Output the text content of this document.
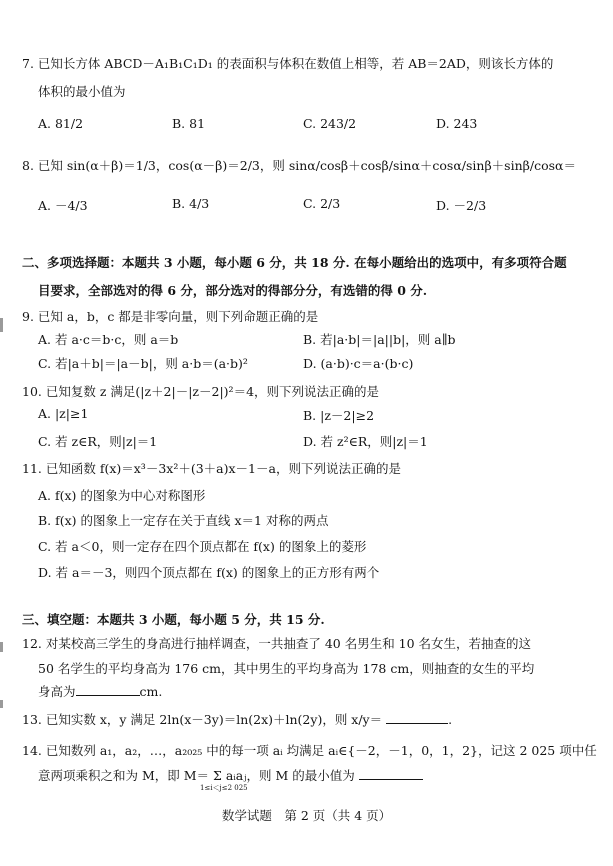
7. 已知长方体 ABCD－A₁B₁C₁D₁ 的表面积与体积在数值上相等，若 AB＝2AD，则该长方体的
体积的最小值为
A. 81/2	B. 81	C. 243/2	D. 243
8. 已知 sin(α＋β)＝1/3，cos(α－β)＝2/3，则 sinα/cosβ＋cosβ/sinα＋cosα/sinβ＋sinβ/cosα＝
A. －4/3	B. 4/3	C. 2/3	D. －2/3
二、多项选择题：本题共 3 小题，每小题 6 分，共 18 分. 在每小题给出的选项中，有多项符合题
目要求，全部选对的得 6 分，部分选对的得部分分，有选错的得 0 分.
9. 已知 a，b，c 都是非零向量，则下列命题正确的是
A. 若 a·c＝b·c，则 a＝b	B. 若|a·b|＝|a||b|，则 a∥b
C. 若|a＋b|＝|a－b|，则 a·b＝(a·b)²	D. (a·b)·c＝a·(b·c)
10. 已知复数 z 满足(|z＋2|－|z－2|)²＝4，则下列说法正确的是
A. |z|≥1	B. |z－2|≥2
C. 若 z∈R，则|z|＝1	D. 若 z²∈R，则|z|＝1
11. 已知函数 f(x)＝x³－3x²＋(3＋a)x－1－a，则下列说法正确的是
A. f(x) 的图象为中心对称图形
B. f(x) 的图象上一定存在关于直线 x＝1 对称的两点
C. 若 a＜0，则一定存在四个顶点都在 f(x) 的图象上的菱形
D. 若 a＝－3，则四个顶点都在 f(x) 的图象上的正方形有两个
三、填空题：本题共 3 小题，每小题 5 分，共 15 分.
12. 对某校高三学生的身高进行抽样调查，一共抽查了 40 名男生和 10 名女生，若抽查的这
50 名学生的平均身高为 176 cm，其中男生的平均身高为 178 cm，则抽查的女生的平均
身高为	cm.
13. 已知实数 x，y 满足 2ln(x－3y)＝ln(2x)＋ln(2y)，则 x/y＝	.
14. 已知数列 a₁，a₂，…，a₂₀₂₅ 中的每一项 aᵢ 均满足 aᵢ∈{－2，－1，0，1，2}，记这 2 025 项中任
意两项乘积之和为 M，即 M＝ Σ aᵢaⱼ，则 M 的最小值为
1≤i＜j≤2 025
数学试题　第 2 页（共 4 页）
